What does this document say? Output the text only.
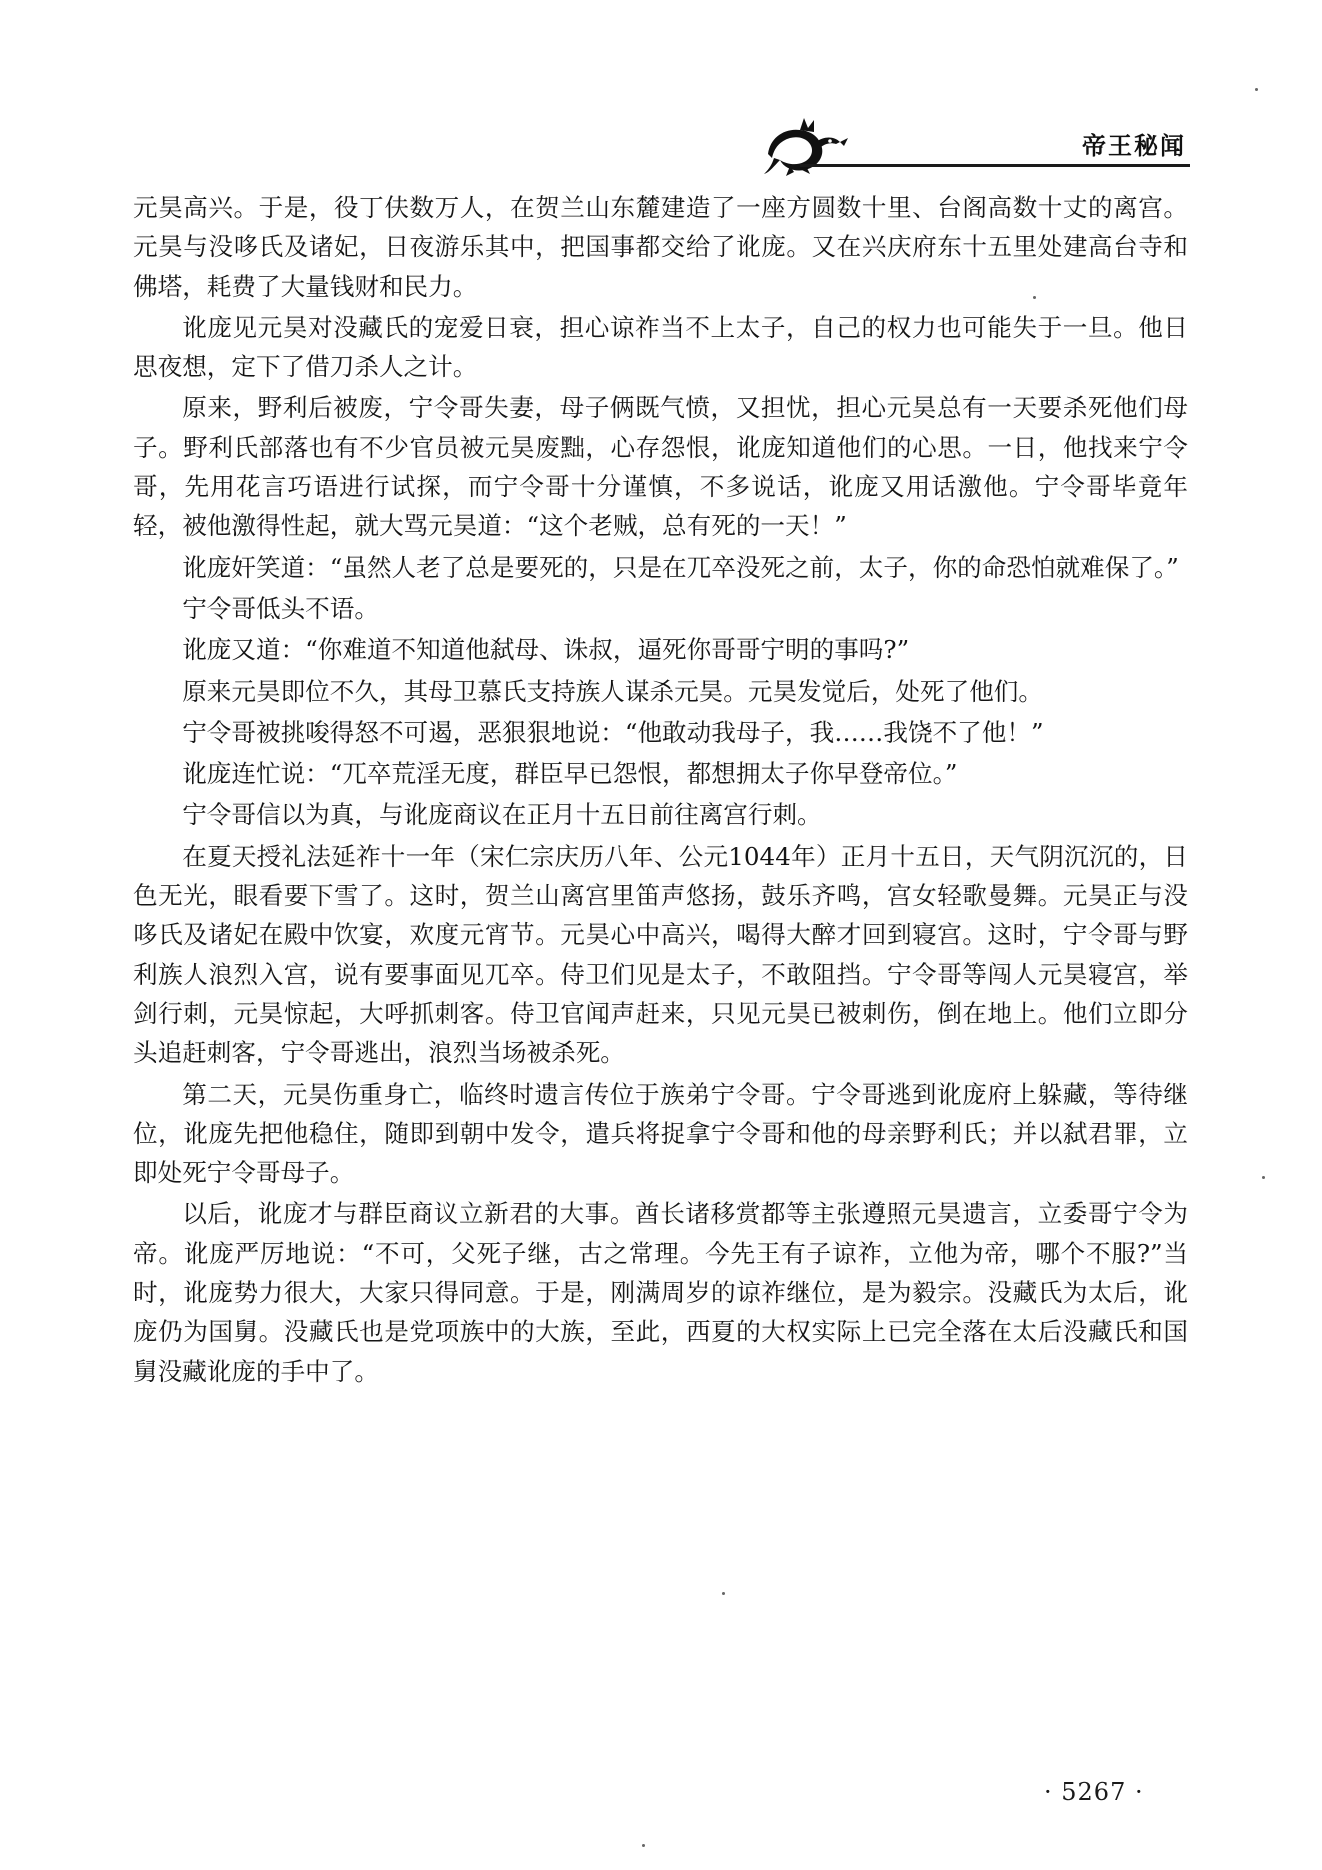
帝王秘闻

元昊高兴。于是，役丁伕数万人，在贺兰山东麓建造了一座方圆数十里、台阁高数十丈的离宫。元昊与没哆氏及诸妃，日夜游乐其中，把国事都交给了讹庞。又在兴庆府东十五里处建高台寺和佛塔，耗费了大量钱财和民力。

讹庞见元昊对没藏氏的宠爱日衰，担心谅祚当不上太子，自己的权力也可能失于一旦。他日思夜想，定下了借刀杀人之计。

原来，野利后被废，宁令哥失妻，母子俩既气愤，又担忧，担心元昊总有一天要杀死他们母子。野利氏部落也有不少官员被元昊废黜，心存怨恨，讹庞知道他们的心思。一日，他找来宁令哥，先用花言巧语进行试探，而宁令哥十分谨慎，不多说话，讹庞又用话激他。宁令哥毕竟年轻，被他激得性起，就大骂元昊道：“这个老贼，总有死的一天！”

讹庞奸笑道：“虽然人老了总是要死的，只是在兀卒没死之前，太子，你的命恐怕就难保了。”

宁令哥低头不语。

讹庞又道：“你难道不知道他弑母、诛叔，逼死你哥哥宁明的事吗?”

原来元昊即位不久，其母卫慕氏支持族人谋杀元昊。元昊发觉后，处死了他们。

宁令哥被挑唆得怒不可遏，恶狠狠地说：“他敢动我母子，我……我饶不了他！”

讹庞连忙说：“兀卒荒淫无度，群臣早已怨恨，都想拥太子你早登帝位。”

宁令哥信以为真，与讹庞商议在正月十五日前往离宫行刺。

在夏天授礼法延祚十一年（宋仁宗庆历八年、公元1044年）正月十五日，天气阴沉沉的，日色无光，眼看要下雪了。这时，贺兰山离宫里笛声悠扬，鼓乐齐鸣，宫女轻歌曼舞。元昊正与没哆氏及诸妃在殿中饮宴，欢度元宵节。元昊心中高兴，喝得大醉才回到寝宫。这时，宁令哥与野利族人浪烈入宫，说有要事面见兀卒。侍卫们见是太子，不敢阻挡。宁令哥等闯人元昊寝宫，举剑行刺，元昊惊起，大呼抓刺客。侍卫官闻声赶来，只见元昊已被刺伤，倒在地上。他们立即分头追赶刺客，宁令哥逃出，浪烈当场被杀死。

第二天，元昊伤重身亡，临终时遗言传位于族弟宁令哥。宁令哥逃到讹庞府上躲藏，等待继位，讹庞先把他稳住，随即到朝中发令，遣兵将捉拿宁令哥和他的母亲野利氏；并以弑君罪，立即处死宁令哥母子。

以后，讹庞才与群臣商议立新君的大事。酋长诸移赏都等主张遵照元昊遗言，立委哥宁令为帝。讹庞严厉地说：“不可，父死子继，古之常理。今先王有子谅祚，立他为帝，哪个不服?”当时，讹庞势力很大，大家只得同意。于是，刚满周岁的谅祚继位，是为毅宗。没藏氏为太后，讹庞仍为国舅。没藏氏也是党项族中的大族，至此，西夏的大权实际上已完全落在太后没藏氏和国舅没藏讹庞的手中了。

· 5267 ·
